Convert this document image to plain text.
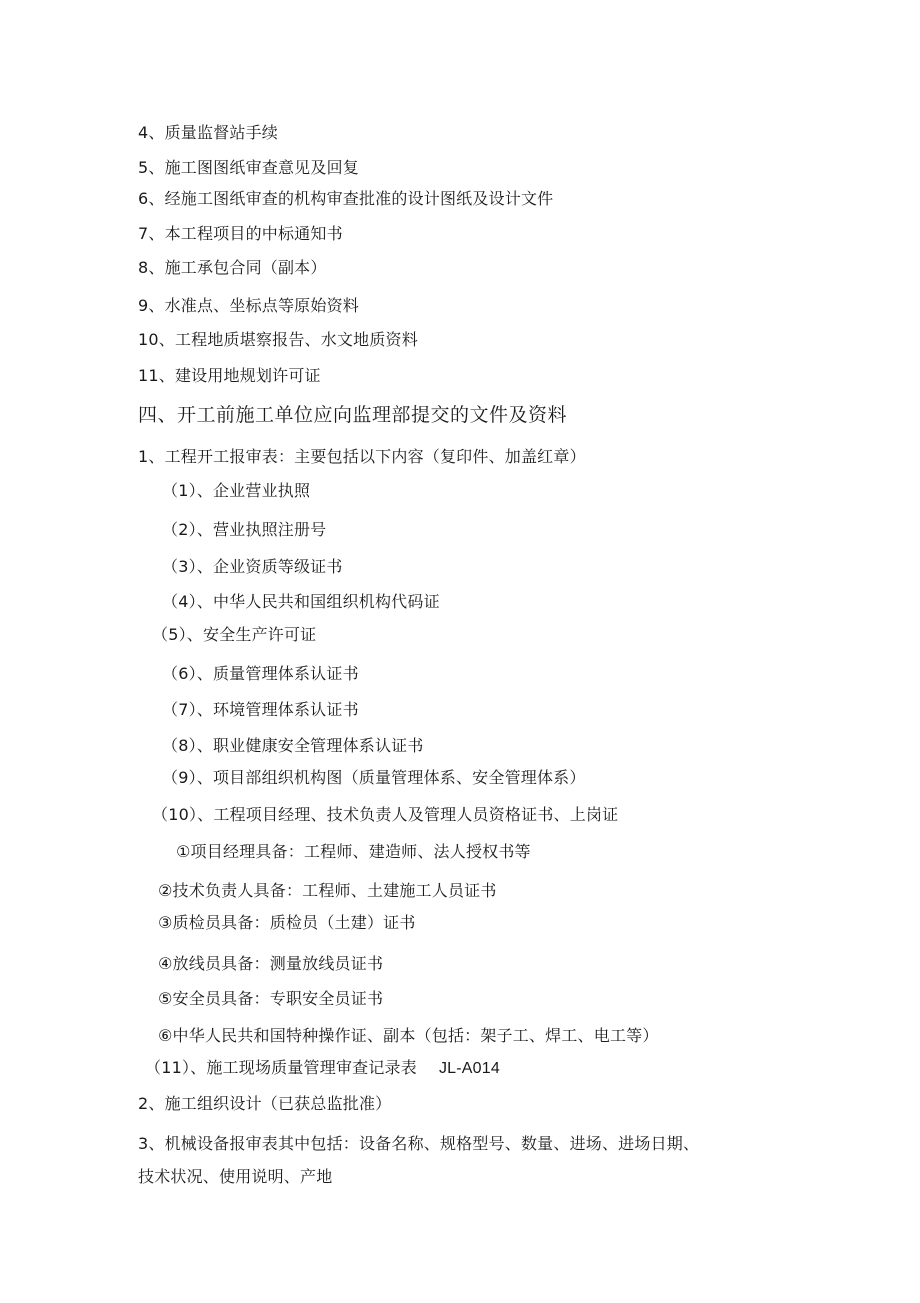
4、质量监督站手续
5、施工图图纸审查意见及回复
6、经施工图纸审查的机构审查批准的设计图纸及设计文件
7、本工程项目的中标通知书
8、施工承包合同（副本）
9、水准点、坐标点等原始资料
10、工程地质堪察报告、水文地质资料
11、建设用地规划许可证
四、开工前施工单位应向监理部提交的文件及资料
1、工程开工报审表：主要包括以下内容（复印件、加盖红章）
（1）、企业营业执照
（2）、营业执照注册号
（3）、企业资质等级证书
（4）、中华人民共和国组织机构代码证
（5）、安全生产许可证
（6）、质量管理体系认证书
（7）、环境管理体系认证书
（8）、职业健康安全管理体系认证书
（9）、项目部组织机构图（质量管理体系、安全管理体系）
（10）、工程项目经理、技术负责人及管理人员资格证书、上岗证
①项目经理具备：工程师、建造师、法人授权书等
②技术负责人具备：工程师、土建施工人员证书
③质检员具备：质检员（土建）证书
④放线员具备：测量放线员证书
⑤安全员具备：专职安全员证书
⑥中华人民共和国特种操作证、副本（包括：架子工、焊工、电工等）
（11）、施工现场质量管理审查记录表 JL-A014
2、施工组织设计（已获总监批准）
3、机械设备报审表其中包括：设备名称、规格型号、数量、进场、进场日期、
技术状况、使用说明、产地
